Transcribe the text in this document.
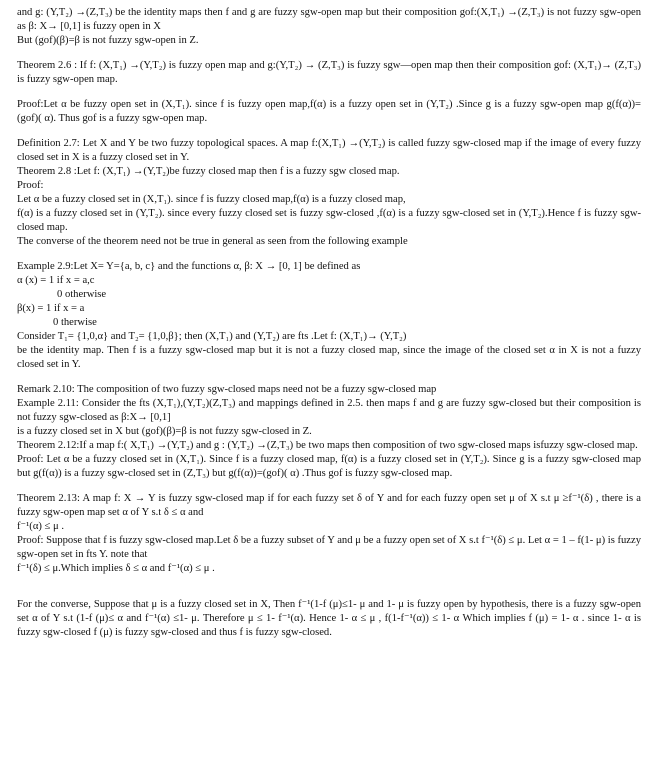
and g: (Y,T₂) →(Z,T₃) be the identity maps then f and g are fuzzy sgw-open map but their composition gof:(X,T₁) →(Z,T₃) is not fuzzy sgw-open as β: X→ [0,1] is fuzzy open in X
But (gof)(β)=β is not fuzzy sgw-open in Z.
Theorem 2.6 : If f: (X,T₁) →(Y,T₂) is fuzzy open map and g:(Y,T₂) → (Z,T₃) is fuzzy sgw—open map then their composition gof: (X,T₁)→ (Z,T₃) is fuzzy sgw-open map.
Proof:Let α be fuzzy open set in (X,T₁). since f is fuzzy open map,f(α) is a fuzzy open set in (Y,T₂) .Since g is a fuzzy sgw-open map g(f(α))= (gof)( α). Thus gof is a fuzzy sgw-open map.
Definition 2.7: Let X and Y be two fuzzy topological spaces. A map f:(X,T₁) →(Y,T₂) is called fuzzy sgw-closed map if the image of every fuzzy closed set in X is a fuzzy closed set in Y.
Theorem 2.8 :Let f: (X,T₁) →(Y,T₂)be fuzzy closed map then f is a fuzzy sgw closed map.
Proof:
Let α be a fuzzy closed set in (X,T₁). since f is fuzzy closed map,f(α) is a fuzzy closed map,
f(α) is a fuzzy closed set in (Y,T₂). since every fuzzy closed set is fuzzy sgw-closed ,f(α) is a fuzzy sgw-closed set in (Y,T₂).Hence f is fuzzy sgw-closed map.
The converse of the theorem need not be true in general as seen from the following example
Example 2.9:Let X= Y={a, b, c} and the functions α, β: X → [0, 1] be defined as
α (x) = 1 if x = a,c
0 otherwise
β(x) = 1 if x = a
0 therwise
Consider T₁= {1,0,α} and T₂= {1,0,β}; then (X,T₁) and (Y,T₂) are fts .Let f: (X,T₁)→ (Y,T₂)
be the identity map. Then f is a fuzzy sgw-closed map but it is not a fuzzy closed map, since the image of the closed set α in X is not a fuzzy closed set in Y.
Remark 2.10: The composition of two fuzzy sgw-closed maps need not be a fuzzy sgw-closed map
Example 2.11: Consider the fts (X,T₁),(Y,T₂)(Z,T₃) and mappings defined in 2.5. then maps f and g are fuzzy sgw-closed but their composition is not fuzzy sgw-closed as β:X→ [0,1]
is a fuzzy closed set in X but (gof)(β)=β is not fuzzy sgw-closed in Z.
Theorem 2.12:If a map f:( X,T₁) →(Y,T₂) and g : (Y,T₂) →(Z,T₃) be two maps then composition of two sgw-closed maps isfuzzy sgw-closed map.
Proof: Let α be a fuzzy closed set in (X,T₁). Since f is a fuzzy closed map, f(α) is a fuzzy closed set in (Y,T₂). Since g is a fuzzy sgw-closed map but g(f(α)) is a fuzzy sgw-closed set in (Z,T₃) but g(f(α))=(gof)( α) .Thus gof is fuzzy sgw-closed map.
Theorem 2.13: A map f: X → Y is fuzzy sgw-closed map if for each fuzzy set δ of Y and for each fuzzy open set μ of X s.t μ ≥f⁻¹(δ) , there is a fuzzy sgw-open map set α of Y s.t δ ≤ α and
f⁻¹(α) ≤ μ .
Proof: Suppose that f is fuzzy sgw-closed map.Let δ be a fuzzy subset of Y and μ be a fuzzy open set of X s.t f⁻¹(δ) ≤ μ. Let α = 1 – f(1- μ) is fuzzy sgw-open set in fts Y. note that
f⁻¹(δ) ≤ μ.Which implies δ ≤ α and f⁻¹(α) ≤ μ .
For the converse, Suppose that μ is a fuzzy closed set in X, Then f⁻¹(1-f (μ)≤1- μ and 1- μ is fuzzy open by hypothesis, there is a fuzzy sgw-open set α of Y s.t (1-f (μ)≤ α and f⁻¹(α) ≤1- μ. Therefore μ ≤ 1- f⁻¹(α). Hence 1- α ≤ μ , f(1-f⁻¹(α)) ≤ 1- α Which implies f (μ) = 1- α . since 1- α is fuzzy sgw-closed f (μ) is fuzzy sgw-closed and thus f is fuzzy sgw-closed.
